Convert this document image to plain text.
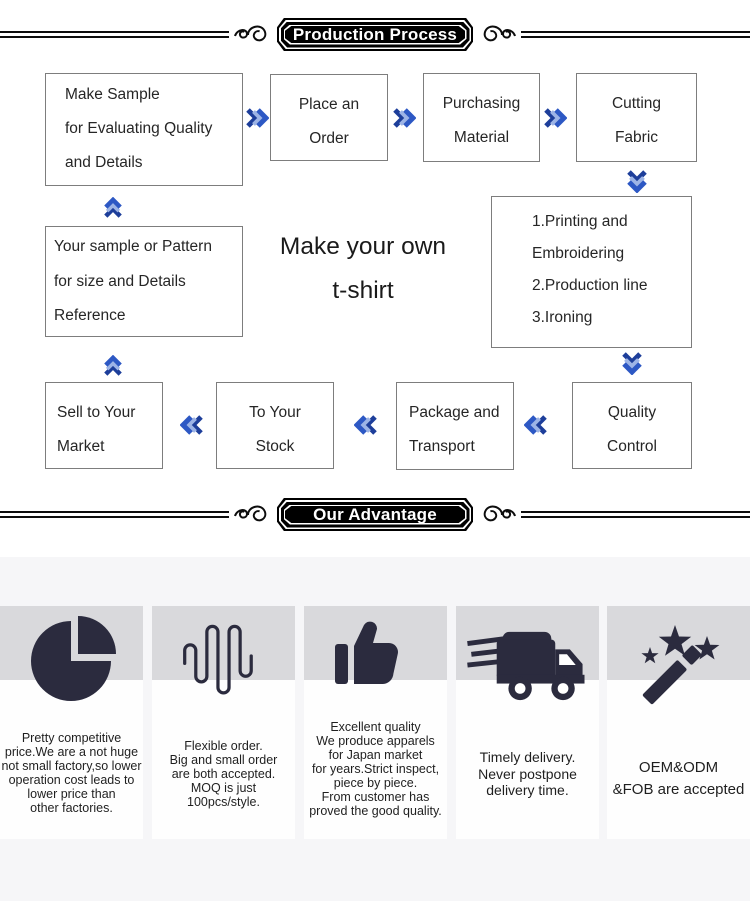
Production Process
Make Sample
for Evaluating Quality
and Details
Place an
Order
Purchasing
Material
Cutting
Fabric
Your sample or Pattern
for size and Details
Reference
Make your own
t-shirt
1.Printing and
Embroidering
2.Production line
3.Ironing
Sell to Your
Market
To Your
Stock
Package and
Transport
Quality
Control
Our Advantage
Pretty competitive
price.We are a not huge
not small factory,so lower
operation cost leads to
lower price than
other factories.
Flexible order.
Big and small order
are both accepted.
MOQ is just
100pcs/style.
Excellent quality
We produce apparels
for Japan market
for years.Strict inspect,
piece by piece.
From customer has
proved the good quality.
Timely delivery.
Never postpone
delivery time.
OEM&ODM
&FOB are accepted
